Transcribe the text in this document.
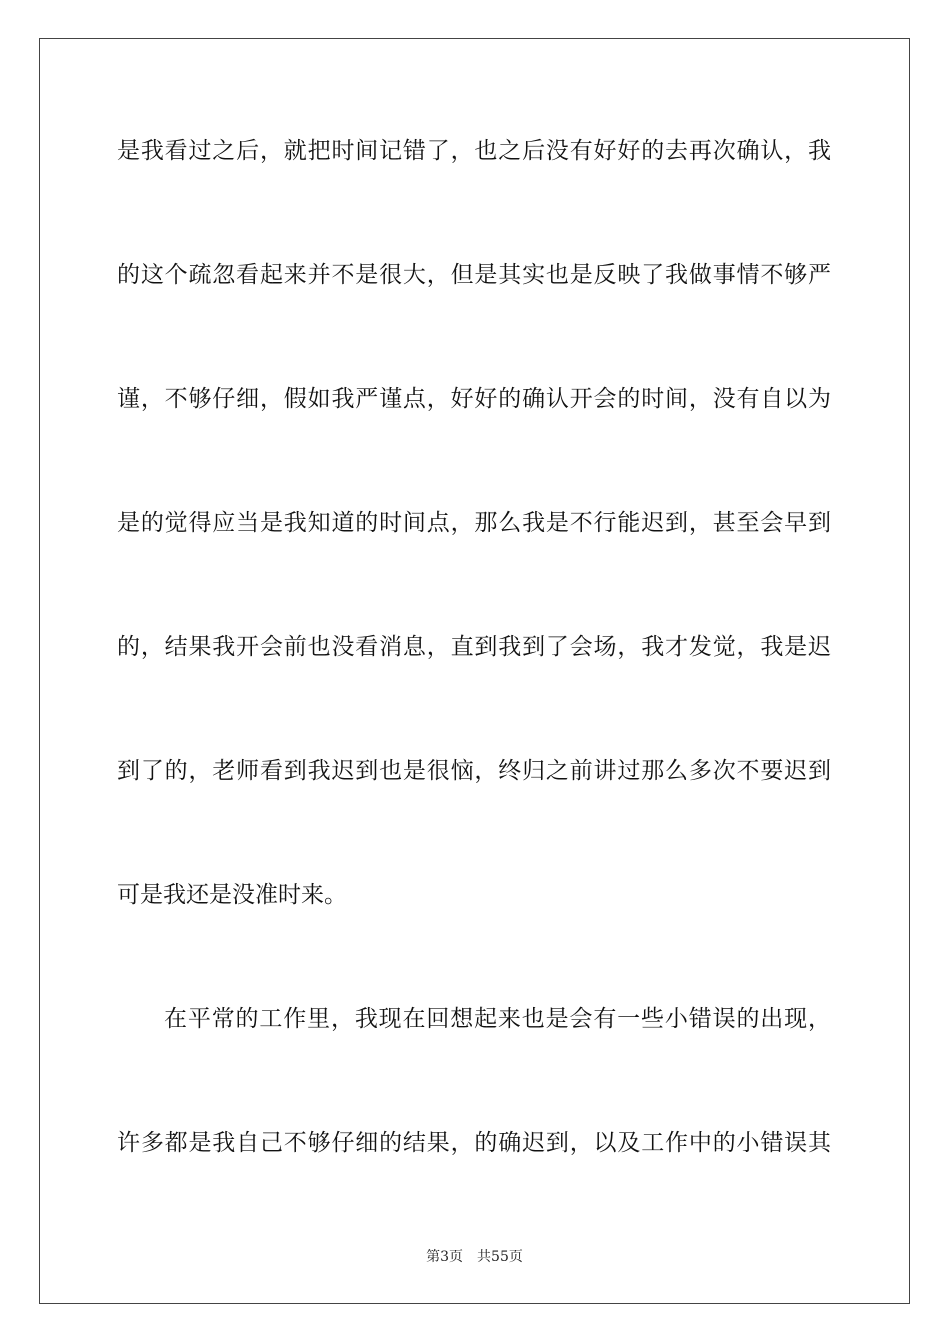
是我看过之后，就把时间记错了，也之后没有好好的去再次确认，我
的这个疏忽看起来并不是很大，但是其实也是反映了我做事情不够严
谨，不够仔细，假如我严谨点，好好的确认开会的时间，没有自以为
是的觉得应当是我知道的时间点，那么我是不行能迟到，甚至会早到
的，结果我开会前也没看消息，直到我到了会场，我才发觉，我是迟
到了的，老师看到我迟到也是很恼，终归之前讲过那么多次不要迟到
可是我还是没准时来。
在平常的工作里，我现在回想起来也是会有一些小错误的出现，
许多都是我自己不够仔细的结果，的确迟到，以及工作中的小错误其
第3页 共55页
